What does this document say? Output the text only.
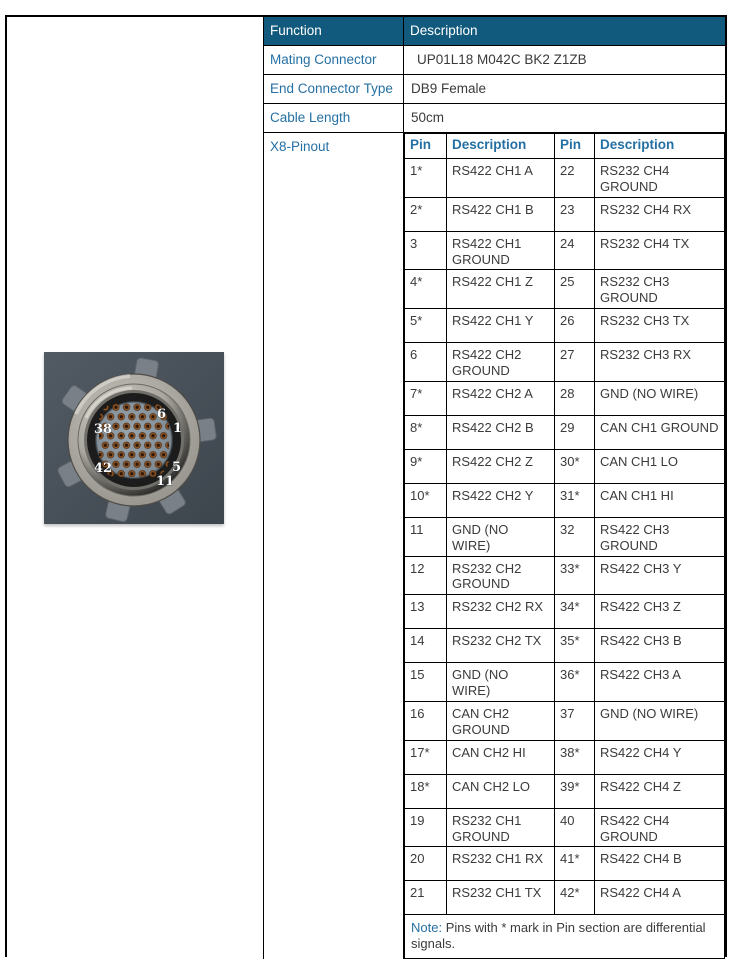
6
1
38
42	5
11
Function	Description
Mating Connector	UP01L18 M042C BK2 Z1ZB
End Connector Type	DB9 Female
Cable Length	50cm
X8-Pinout	Pin	Description	Pin	Description
1*	RS422 CH1 A	22	RS232 CH4 GROUND
2*	RS422 CH1 B	23	RS232 CH4 RX
3	RS422 CH1 GROUND	24	RS232 CH4 TX
4*	RS422 CH1 Z	25	RS232 CH3 GROUND
5*	RS422 CH1 Y	26	RS232 CH3 TX
6	RS422 CH2 GROUND	27	RS232 CH3 RX
7*	RS422 CH2 A	28	GND (NO WIRE)
8*	RS422 CH2 B	29	CAN CH1 GROUND
9*	RS422 CH2 Z	30*	CAN CH1 LO
10*	RS422 CH2 Y	31*	CAN CH1 HI
11	GND (NO WIRE)	32	RS422 CH3 GROUND
12	RS232 CH2 GROUND	33*	RS422 CH3 Y
13	RS232 CH2 RX	34*	RS422 CH3 Z
14	RS232 CH2 TX	35*	RS422 CH3 B
15	GND (NO WIRE)	36*	RS422 CH3 A
16	CAN CH2 GROUND	37	GND (NO WIRE)
17*	CAN CH2 HI	38*	RS422 CH4 Y
18*	CAN CH2 LO	39*	RS422 CH4 Z
19	RS232 CH1 GROUND	40	RS422 CH4 GROUND
20	RS232 CH1 RX	41*	RS422 CH4 B
21	RS232 CH1 TX	42*	RS422 CH4 A
Note: Pins with * mark in Pin section are differential signals.			
